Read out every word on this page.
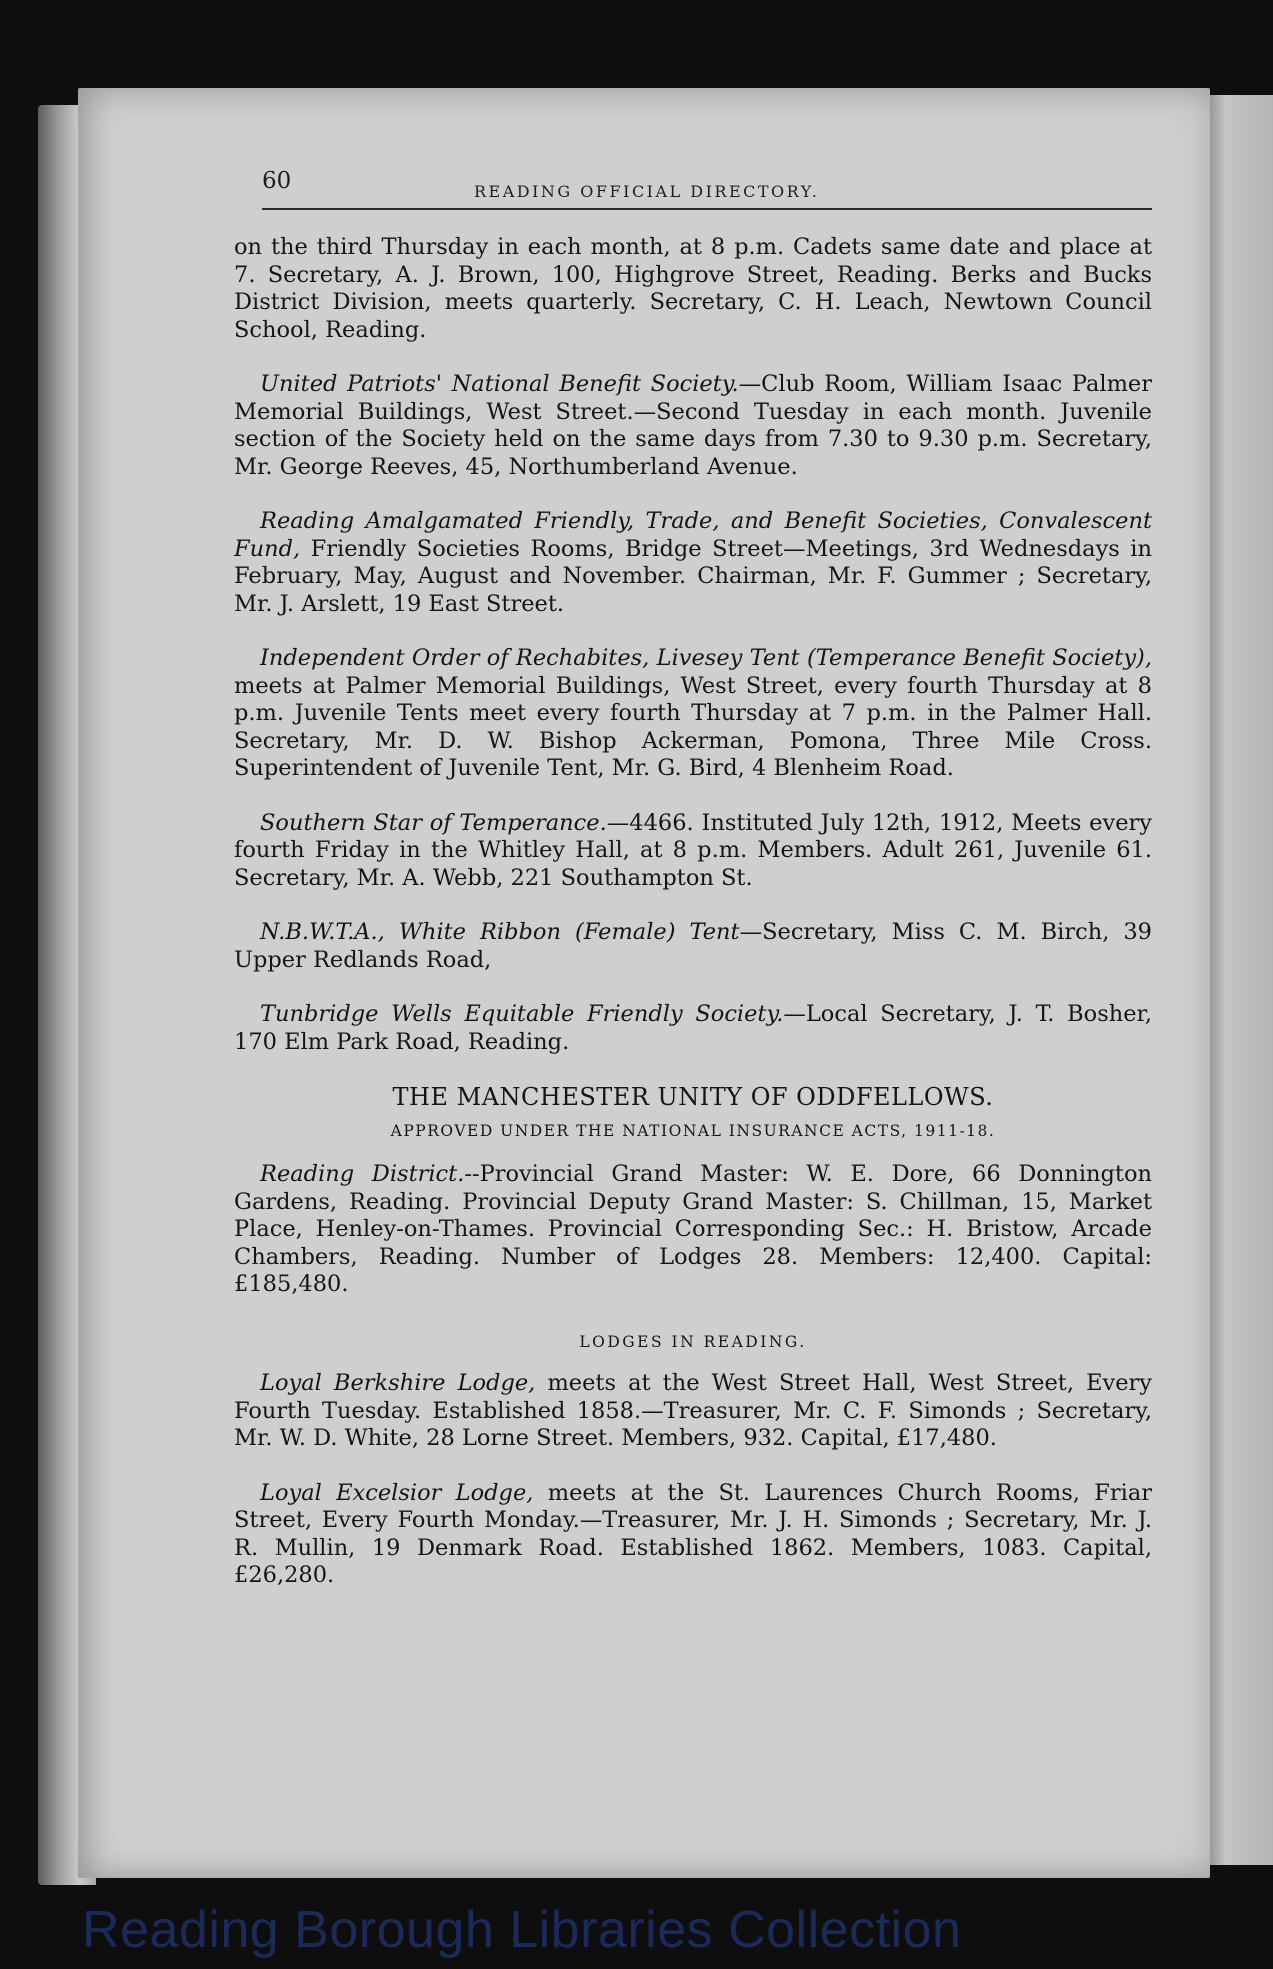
60	READING OFFICIAL DIRECTORY.

on the third Thursday in each month, at 8 p.m. Cadets same date and place at 7. Secretary, A. J. Brown, 100, Highgrove Street, Reading. Berks and Bucks District Division, meets quarterly. Secretary, C. H. Leach, Newtown Council School, Reading.

United Patriots' National Benefit Society.—Club Room, William Isaac Palmer Memorial Buildings, West Street.—Second Tuesday in each month. Juvenile section of the Society held on the same days from 7.30 to 9.30 p.m. Secretary, Mr. George Reeves, 45, Northumberland Avenue.

Reading Amalgamated Friendly, Trade, and Benefit Societies, Convalescent Fund, Friendly Societies Rooms, Bridge Street—Meetings, 3rd Wednesdays in February, May, August and November. Chairman, Mr. F. Gummer ; Secretary, Mr. J. Arslett, 19 East Street.

Independent Order of Rechabites, Livesey Tent (Temperance Benefit Society), meets at Palmer Memorial Buildings, West Street, every fourth Thursday at 8 p.m. Juvenile Tents meet every fourth Thursday at 7 p.m. in the Palmer Hall. Secretary, Mr. D. W. Bishop Ackerman, Pomona, Three Mile Cross. Superintendent of Juvenile Tent, Mr. G. Bird, 4 Blenheim Road.

Southern Star of Temperance.—4466. Instituted July 12th, 1912, Meets every fourth Friday in the Whitley Hall, at 8 p.m. Members. Adult 261, Juvenile 61. Secretary, Mr. A. Webb, 221 Southampton St.

N.B.W.T.A., White Ribbon (Female) Tent—Secretary, Miss C. M. Birch, 39 Upper Redlands Road,

Tunbridge Wells Equitable Friendly Society.—Local Secretary, J. T. Bosher, 170 Elm Park Road, Reading.

THE MANCHESTER UNITY OF ODDFELLOWS.
APPROVED UNDER THE NATIONAL INSURANCE ACTS, 1911-18.

Reading District.--Provincial Grand Master: W. E. Dore, 66 Donnington Gardens, Reading. Provincial Deputy Grand Master: S. Chillman, 15, Market Place, Henley-on-Thames. Provincial Corresponding Sec.: H. Bristow, Arcade Chambers, Reading. Number of Lodges 28. Members: 12,400. Capital: £185,480.

LODGES IN READING.

Loyal Berkshire Lodge, meets at the West Street Hall, West Street, Every Fourth Tuesday. Established 1858.—Treasurer, Mr. C. F. Simonds ; Secretary, Mr. W. D. White, 28 Lorne Street. Members, 932. Capital, £17,480.

Loyal Excelsior Lodge, meets at the St. Laurences Church Rooms, Friar Street, Every Fourth Monday.—Treasurer, Mr. J. H. Simonds ; Secretary, Mr. J. R. Mullin, 19 Denmark Road. Established 1862. Members, 1083. Capital, £26,280.

Reading Borough Libraries Collection
